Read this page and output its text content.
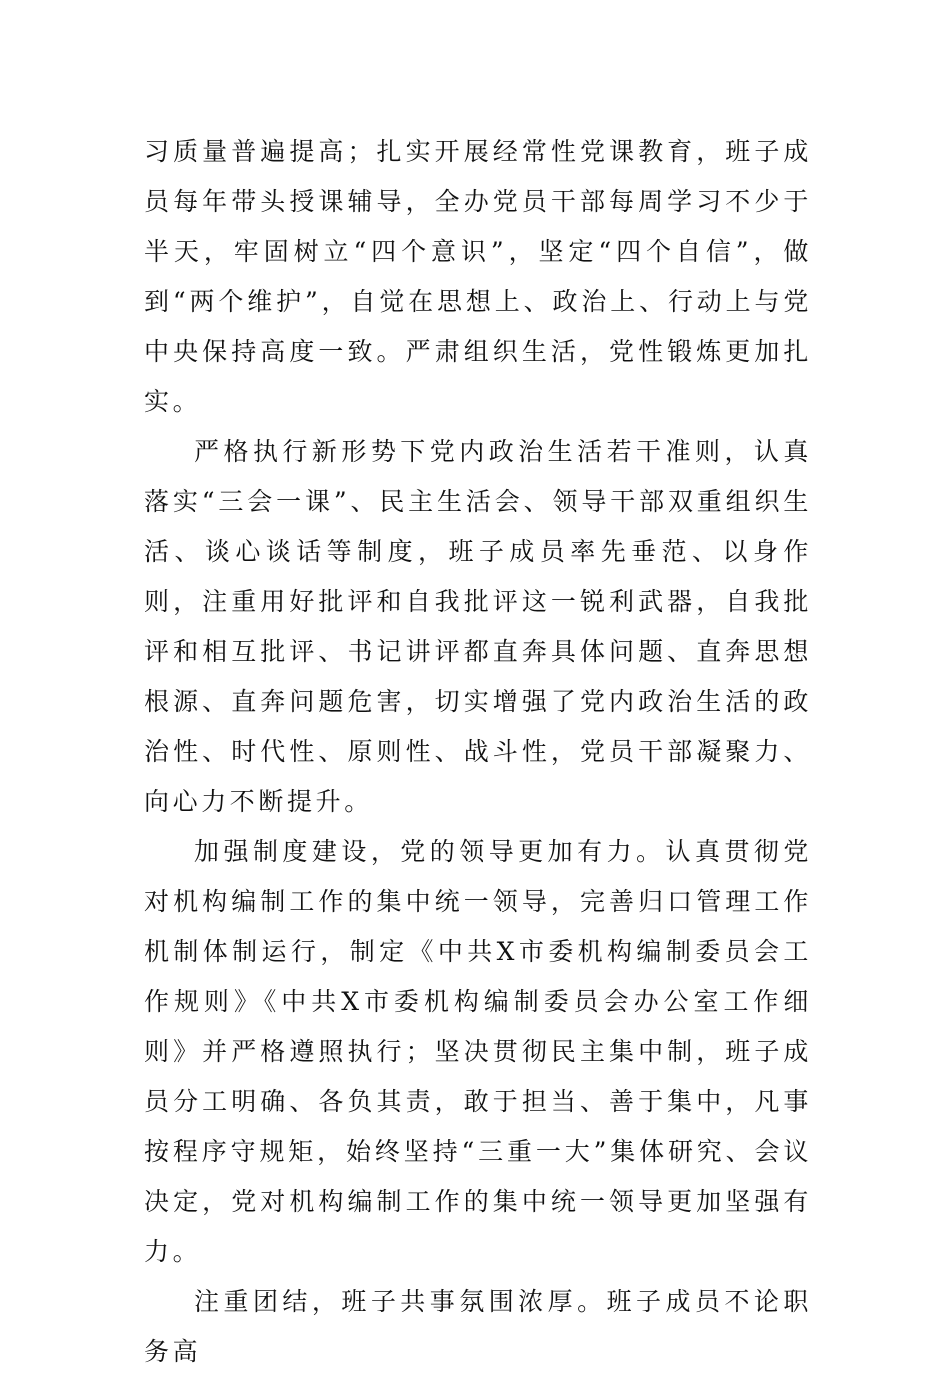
习质量普遍提高；扎实开展经常性党课教育，班子成员每年带头授课辅导，全办党员干部每周学习不少于半天，牢固树立“四个意识”，坚定“四个自信”，做到“两个维护”，自觉在思想上、政治上、行动上与党中央保持高度一致。严肃组织生活，党性锻炼更加扎实。

严格执行新形势下党内政治生活若干准则，认真落实“三会一课”、民主生活会、领导干部双重组织生活、谈心谈话等制度，班子成员率先垂范、以身作则，注重用好批评和自我批评这一锐利武器，自我批评和相互批评、书记讲评都直奔具体问题、直奔思想根源、直奔问题危害，切实增强了党内政治生活的政治性、时代性、原则性、战斗性，党员干部凝聚力、向心力不断提升。

加强制度建设，党的领导更加有力。认真贯彻党对机构编制工作的集中统一领导，完善归口管理工作机制体制运行，制定《中共X市委机构编制委员会工作规则》《中共X市委机构编制委员会办公室工作细则》并严格遵照执行；坚决贯彻民主集中制，班子成员分工明确、各负其责，敢于担当、善于集中，凡事按程序守规矩，始终坚持“三重一大”集体研究、会议决定，党对机构编制工作的集中统一领导更加坚强有力。

注重团结，班子共事氛围浓厚。班子成员不论职务高
